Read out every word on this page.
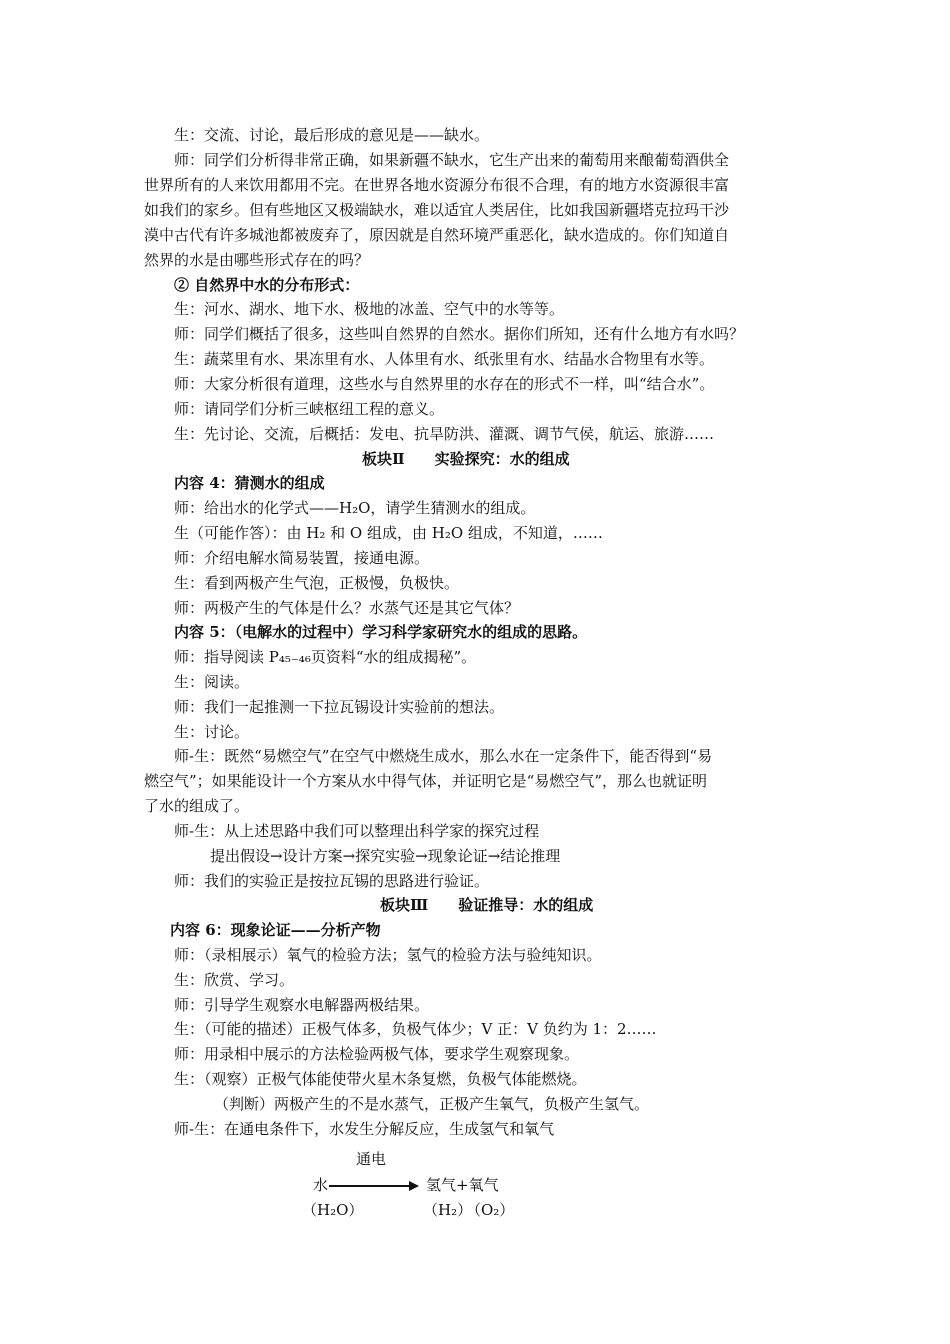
生：交流、讨论，最后形成的意见是——缺水。
师：同学们分析得非常正确，如果新疆不缺水，它生产出来的葡萄用来酿葡萄酒供全
世界所有的人来饮用都用不完。在世界各地水资源分布很不合理，有的地方水资源很丰富
如我们的家乡。但有些地区又极端缺水，难以适宜人类居住，比如我国新疆塔克拉玛干沙
漠中古代有许多城池都被废弃了，原因就是自然环境严重恶化，缺水造成的。你们知道自
然界的水是由哪些形式存在的吗？
② 自然界中水的分布形式：
生：河水、湖水、地下水、极地的冰盖、空气中的水等等。
师：同学们概括了很多，这些叫自然界的自然水。据你们所知，还有什么地方有水吗？
生：蔬菜里有水、果冻里有水、人体里有水、纸张里有水、结晶水合物里有水等。
师：大家分析很有道理，这些水与自然界里的水存在的形式不一样，叫“结合水”。
师：请同学们分析三峡枢纽工程的意义。
生：先讨论、交流，后概括：发电、抗旱防洪、灌溉、调节气侯，航运、旅游……
板块Ⅱ　　实验探究：水的组成
内容 4：猜测水的组成
师：给出水的化学式——H₂O，请学生猜测水的组成。
生（可能作答）：由 H₂ 和 O 组成，由 H₂O 组成，不知道，……
师：介绍电解水简易装置，接通电源。
生：看到两极产生气泡，正极慢，负极快。
师：两极产生的气体是什么？水蒸气还是其它气体？
内容 5：（电解水的过程中）学习科学家研究水的组成的思路。
师：指导阅读 P₄₅₋₄₆页资料“水的组成揭秘”。
生：阅读。
师：我们一起推测一下拉瓦锡设计实验前的想法。
生：讨论。
师-生：既然“易燃空气”在空气中燃烧生成水，那么水在一定条件下，能否得到“易
燃空气”；如果能设计一个方案从水中得气体，并证明它是“易燃空气”，那么也就证明
了水的组成了。
师-生：从上述思路中我们可以整理出科学家的探究过程
提出假设→设计方案→探究实验→现象论证→结论推理
师：我们的实验正是按拉瓦锡的思路进行验证。
板块Ⅲ　　验证推导：水的组成
内容 6：现象论证——分析产物
师：（录相展示）氧气的检验方法；氢气的检验方法与验纯知识。
生：欣赏、学习。
师：引导学生观察水电解器两极结果。
生：（可能的描述）正极气体多，负极气体少；V 正：V 负约为 1：2……
师：用录相中展示的方法检验两极气体，要求学生观察现象。
生：（观察）正极气体能使带火星木条复燃，负极气体能燃烧。
（判断）两极产生的不是水蒸气，正极产生氧气，负极产生氢气。
师-生：在通电条件下，水发生分解反应，生成氢气和氧气
通电
水	氢气+氧气
（H₂O）	（H₂）
（O₂）
